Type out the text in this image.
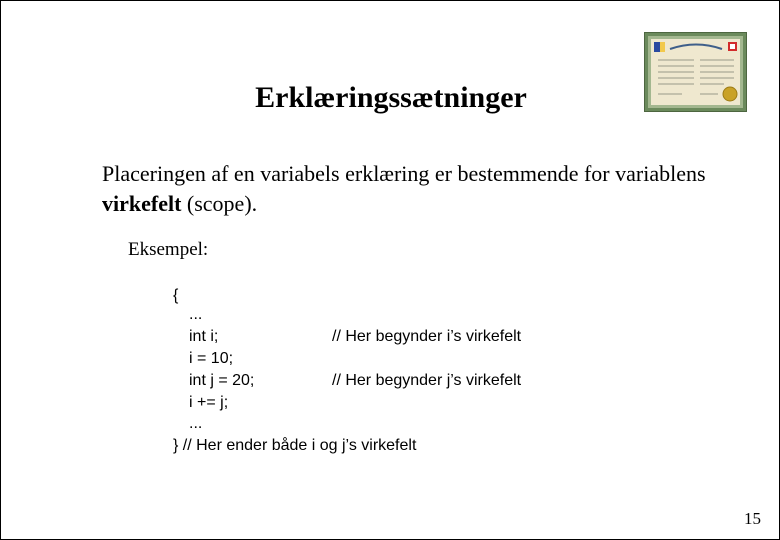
Erklæringssætninger
Placeringen af en variabels erklæring er bestemmende for variablens virkefelt (scope).
Eksempel:
{
...
int i;	// Her begynder i’s virkefelt
i = 10;
int j = 20;	// Her begynder j’s virkefelt
i += j;
...
} // Her ender både i og j’s virkefelt
15
